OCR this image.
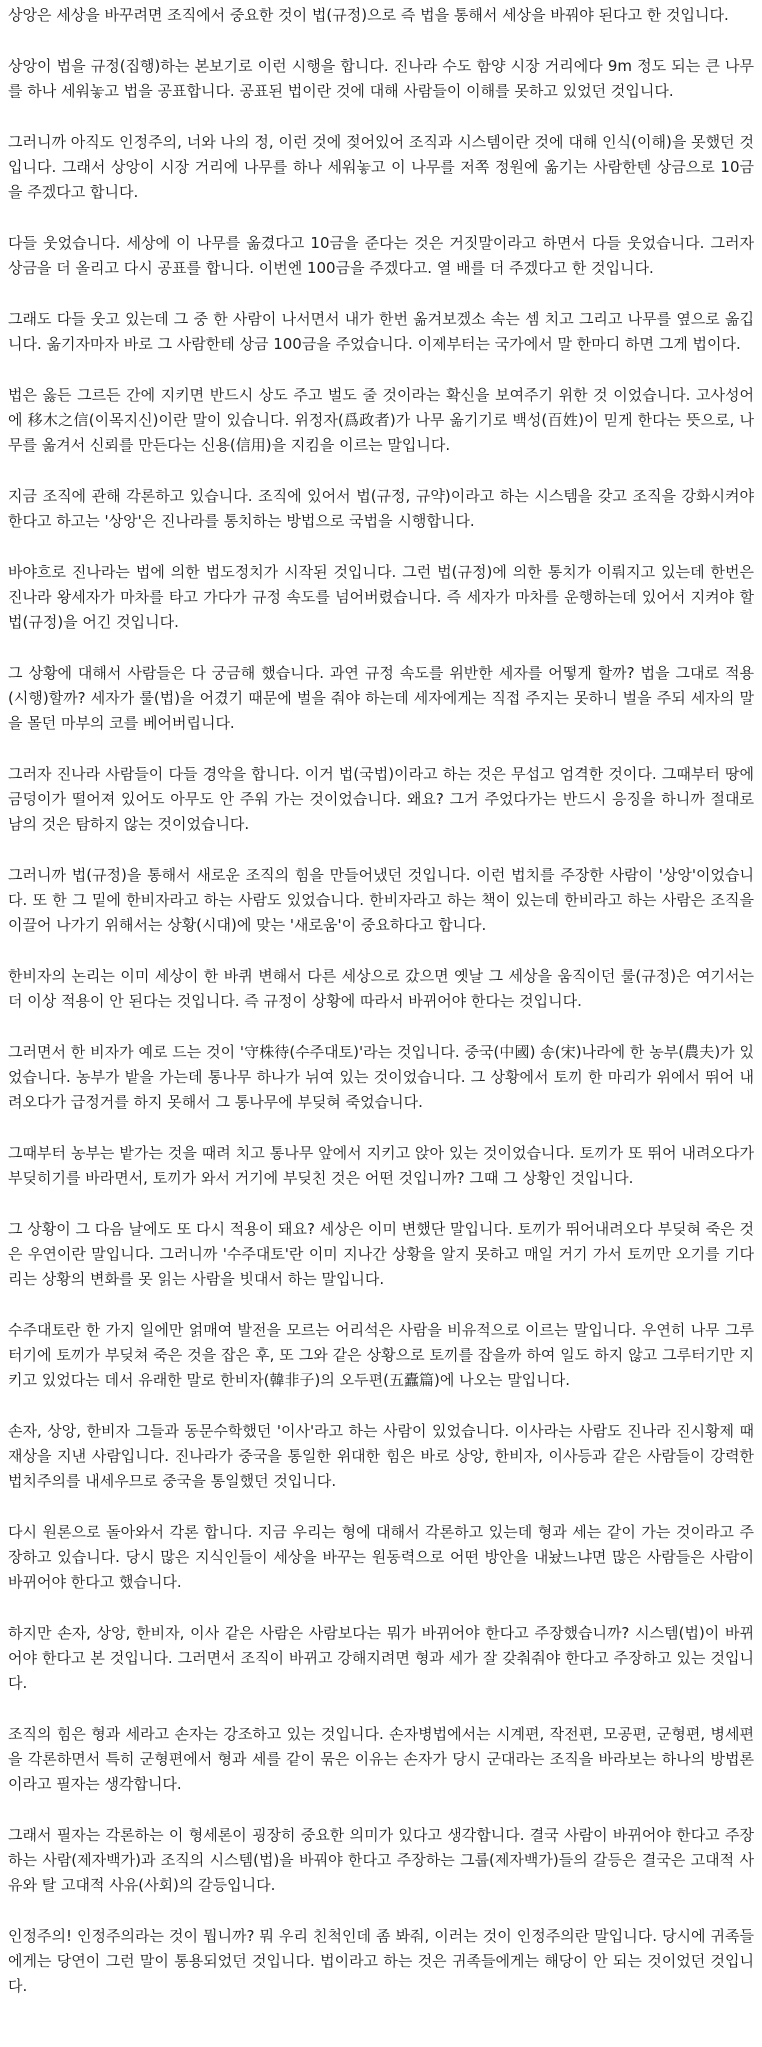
상앙은 세상을 바꾸려면 조직에서 중요한 것이 법(규정)으로 즉 법을 통해서 세상을 바꿔야 된다고 한 것입니다.

상앙이 법을 규정(집행)하는 본보기로 이런 시행을 합니다. 진나라 수도 함양 시장 거리에다 9m 정도 되는 큰 나무를 하나 세워놓고 법을 공표합니다. 공표된 법이란 것에 대해 사람들이 이해를 못하고 있었던 것입니다.

그러니까 아직도 인정주의, 너와 나의 정, 이런 것에 젖어있어 조직과 시스템이란 것에 대해 인식(이해)을 못했던 것입니다. 그래서 상앙이 시장 거리에 나무를 하나 세워놓고 이 나무를 저쪽 정원에 옮기는 사람한텐 상금으로 10금을 주겠다고 합니다.

다들 웃었습니다. 세상에 이 나무를 옮겼다고 10금을 준다는 것은 거짓말이라고 하면서 다들 웃었습니다. 그러자 상금을 더 올리고 다시 공표를 합니다. 이번엔 100금을 주겠다고. 열 배를 더 주겠다고 한 것입니다.

그래도 다들 웃고 있는데 그 중 한 사람이 나서면서 내가 한번 옮겨보겠소 속는 셈 치고 그리고 나무를 옆으로 옮깁니다. 옮기자마자 바로 그 사람한테 상금 100금을 주었습니다. 이제부터는 국가에서 말 한마디 하면 그게 법이다.

법은 옳든 그르든 간에 지키면 반드시 상도 주고 벌도 줄 것이라는 확신을 보여주기 위한 것 이었습니다. 고사성어에 移木之信(이목지신)이란 말이 있습니다. 위정자(爲政者)가 나무 옮기기로 백성(百姓)이 믿게 한다는 뜻으로, 나무를 옮겨서 신뢰를 만든다는 신용(信用)을 지킴을 이르는 말입니다.

지금 조직에 관해 각론하고 있습니다. 조직에 있어서 법(규정, 규약)이라고 하는 시스템을 갖고 조직을 강화시켜야 한다고 하고는 '상앙'은 진나라를 통치하는 방법으로 국법을 시행합니다.

바야흐로 진나라는 법에 의한 법도정치가 시작된 것입니다. 그런 법(규정)에 의한 통치가 이뤄지고 있는데 한번은 진나라 왕세자가 마차를 타고 가다가 규정 속도를 넘어버렸습니다. 즉 세자가 마차를 운행하는데 있어서 지켜야 할 법(규정)을 어긴 것입니다.

그 상황에 대해서 사람들은 다 궁금해 했습니다. 과연 규정 속도를 위반한 세자를 어떻게 할까? 법을 그대로 적용(시행)할까? 세자가 룰(법)을 어겼기 때문에 벌을 줘야 하는데 세자에게는 직접 주지는 못하니 벌을 주되 세자의 말을 몰던 마부의 코를 베어버립니다.

그러자 진나라 사람들이 다들 경악을 합니다. 이거 법(국법)이라고 하는 것은 무섭고 엄격한 것이다. 그때부터 땅에 금덩이가 떨어져 있어도 아무도 안 주워 가는 것이었습니다. 왜요? 그거 주었다가는 반드시 응징을 하니까 절대로 남의 것은 탐하지 않는 것이었습니다.

그러니까 법(규정)을 통해서 새로운 조직의 힘을 만들어냈던 것입니다. 이런 법치를 주장한 사람이 '상앙'이었습니다. 또 한 그 밑에 한비자라고 하는 사람도 있었습니다. 한비자라고 하는 책이 있는데 한비라고 하는 사람은 조직을 이끌어 나가기 위해서는 상황(시대)에 맞는 '새로움'이 중요하다고 합니다.

한비자의 논리는 이미 세상이 한 바퀴 변해서 다른 세상으로 갔으면 옛날 그 세상을 움직이던 룰(규정)은 여기서는 더 이상 적용이 안 된다는 것입니다. 즉 규정이 상황에 따라서 바뀌어야 한다는 것입니다.

그러면서 한 비자가 예로 드는 것이 '守株待(수주대토)'라는 것입니다. 중국(中國) 송(宋)나라에 한 농부(農夫)가 있었습니다. 농부가 밭을 가는데 통나무 하나가 뉘여 있는 것이었습니다. 그 상황에서 토끼 한 마리가 위에서 뛰어 내려오다가 급정거를 하지 못해서 그 통나무에 부딪혀 죽었습니다.

그때부터 농부는 밭가는 것을 때려 치고 통나무 앞에서 지키고 앉아 있는 것이었습니다. 토끼가 또 뛰어 내려오다가 부딪히기를 바라면서, 토끼가 와서 거기에 부딪친 것은 어떤 것입니까? 그때 그 상황인 것입니다.

그 상황이 그 다음 날에도 또 다시 적용이 돼요? 세상은 이미 변했단 말입니다. 토끼가 뛰어내려오다 부딪혀 죽은 것은 우연이란 말입니다. 그러니까 '수주대토'란 이미 지나간 상황을 알지 못하고 매일 거기 가서 토끼만 오기를 기다리는 상황의 변화를 못 읽는 사람을 빗대서 하는 말입니다.

수주대토란 한 가지 일에만 얽매여 발전을 모르는 어리석은 사람을 비유적으로 이르는 말입니다. 우연히 나무 그루터기에 토끼가 부딪쳐 죽은 것을 잡은 후, 또 그와 같은 상황으로 토끼를 잡을까 하여 일도 하지 않고 그루터기만 지키고 있었다는 데서 유래한 말로 한비자(韓非子)의 오두편(五蠹篇)에 나오는 말입니다.

손자, 상앙, 한비자 그들과 동문수학했던 '이사'라고 하는 사람이 있었습니다. 이사라는 사람도 진나라 진시황제 때 재상을 지낸 사람입니다. 진나라가 중국을 통일한 위대한 힘은 바로 상앙, 한비자, 이사등과 같은 사람들이 강력한 법치주의를 내세우므로 중국을 통일했던 것입니다.

다시 원론으로 돌아와서 각론 합니다. 지금 우리는 형에 대해서 각론하고 있는데 형과 세는 같이 가는 것이라고 주장하고 있습니다. 당시 많은 지식인들이 세상을 바꾸는 원동력으로 어떤 방안을 내놨느냐면 많은 사람들은 사람이 바뀌어야 한다고 했습니다.

하지만 손자, 상앙, 한비자, 이사 같은 사람은 사람보다는 뭐가 바뀌어야 한다고 주장했습니까? 시스템(법)이 바뀌어야 한다고 본 것입니다. 그러면서 조직이 바뀌고 강해지려면 형과 세가 잘 갖춰줘야 한다고 주장하고 있는 것입니다.

조직의 힘은 형과 세라고 손자는 강조하고 있는 것입니다. 손자병법에서는 시계편, 작전편, 모공편, 군형편, 병세편을 각론하면서 특히 군형편에서 형과 세를 같이 묶은 이유는 손자가 당시 군대라는 조직을 바라보는 하나의 방법론이라고 필자는 생각합니다.

그래서 필자는 각론하는 이 형세론이 굉장히 중요한 의미가 있다고 생각합니다. 결국 사람이 바뀌어야 한다고 주장하는 사람(제자백가)과 조직의 시스템(법)을 바꿔야 한다고 주장하는 그룹(제자백가)들의 갈등은 결국은 고대적 사유와 탈 고대적 사유(사회)의 갈등입니다.

인정주의! 인정주의라는 것이 뭡니까? 뭐 우리 친척인데 좀 봐줘, 이러는 것이 인정주의란 말입니다. 당시에 귀족들에게는 당연이 그런 말이 통용되었던 것입니다. 법이라고 하는 것은 귀족들에게는 해당이 안 되는 것이었던 것입니다.
